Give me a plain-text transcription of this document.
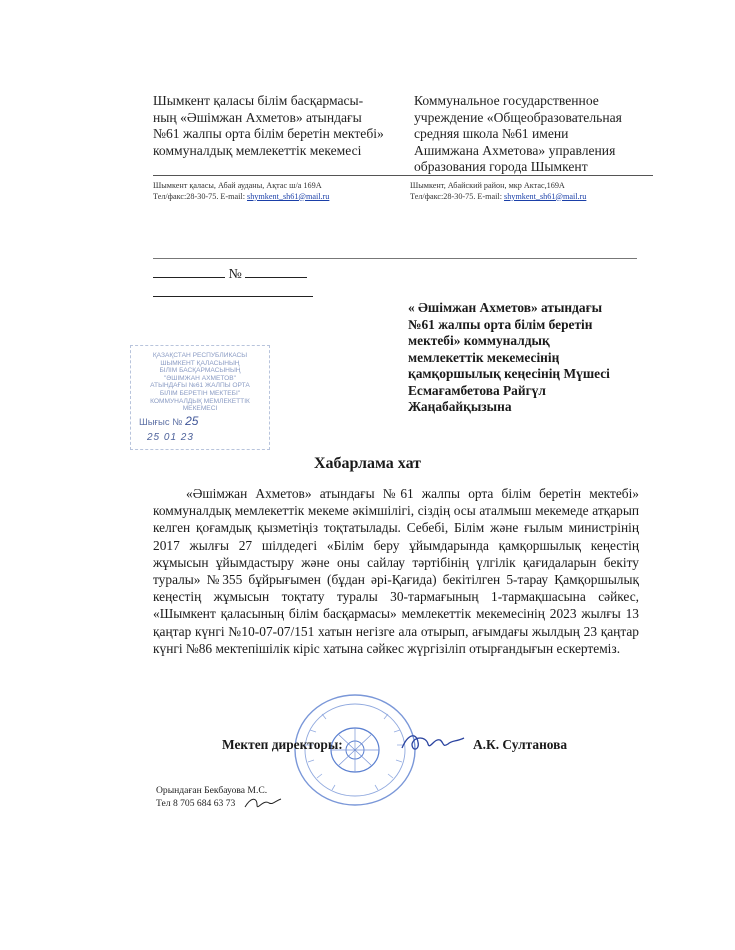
Шымкент қаласы білім басқармасы-
ның «Әшімжан Ахметов» атындағы
№61 жалпы орта білім беретін мектебі»
коммуналдық мемлекеттік мекемесі
Коммунальное государственное
учреждение «Общеобразовательная
средняя школа №61 имени
Ашимжана Ахметова» управления
образования города Шымкент
Шымкент қаласы, Абай ауданы, Ақтас ш/а 169А
Тел/факс:28-30-75. E-mail: shymkent_sh61@mail.ru
Шымкент, Абайский район, мкр Актас,169А
Тел/факс:28-30-75. E-mail: shymkent_sh61@mail.ru
№
« Әшімжан Ахметов» атындағы
№61 жалпы орта білім беретін
мектебі» коммуналдық
мемлекеттік мекемесінің
қамқоршылық кеңесінің Мүшесі
Есмағамбетова Райгүл
Жаңабайқызына
ҚАЗАҚСТАН РЕСПУБЛИКАСЫ
ШЫМКЕНТ ҚАЛАСЫНЫҢ
БІЛІМ БАСҚАРМАСЫНЫҢ
"ӘШІМЖАН АХМЕТОВ"
АТЫНДАҒЫ №61 ЖАЛПЫ ОРТА
БІЛІМ БЕРЕТІН МЕКТЕБІ"
КОММУНАЛДЫҚ МЕМЛЕКЕТТІК
МЕКЕМЕСІ
Шығыс № 25
25 01 23
Хабарлама хат
«Әшімжан Ахметов» атындағы №61 жалпы орта білім беретін мектебі» коммуналдық мемлекеттік мекеме әкімшілігі, сіздің осы аталмыш мекемеде атқарып келген қоғамдық қызметіңіз тоқтатылады. Себебі, Білім және ғылым министрінің 2017 жылғы 27 шілдедегі «Білім беру ұйымдарында қамқоршылық кеңестің жұмысын ұйымдастыру және оны сайлау тәртібінің үлгілік қағидаларын бекіту туралы» №355 бұйрығымен (бұдан әрі-Қағида) бекітілген 5-тарау Қамқоршылық кеңестің жұмысын тоқтату туралы 30-тармағының 1-тармақшасына сәйкес, «Шымкент қаласының білім басқармасы» мемлекеттік мекемесінің 2023 жылғы 13 қаңтар күнгі №10-07-07/151 хатын негізге ала отырып, ағымдағы жылдың 23 қаңтар күнгі №86 мектепішілік кіріс хатына сәйкес жүргізіліп отырғандығын ескертеміз.
Мектеп директоры:	А.К. Султанова
Орындаған Бекбауова М.С.
Тел 8 705 684 63 73
